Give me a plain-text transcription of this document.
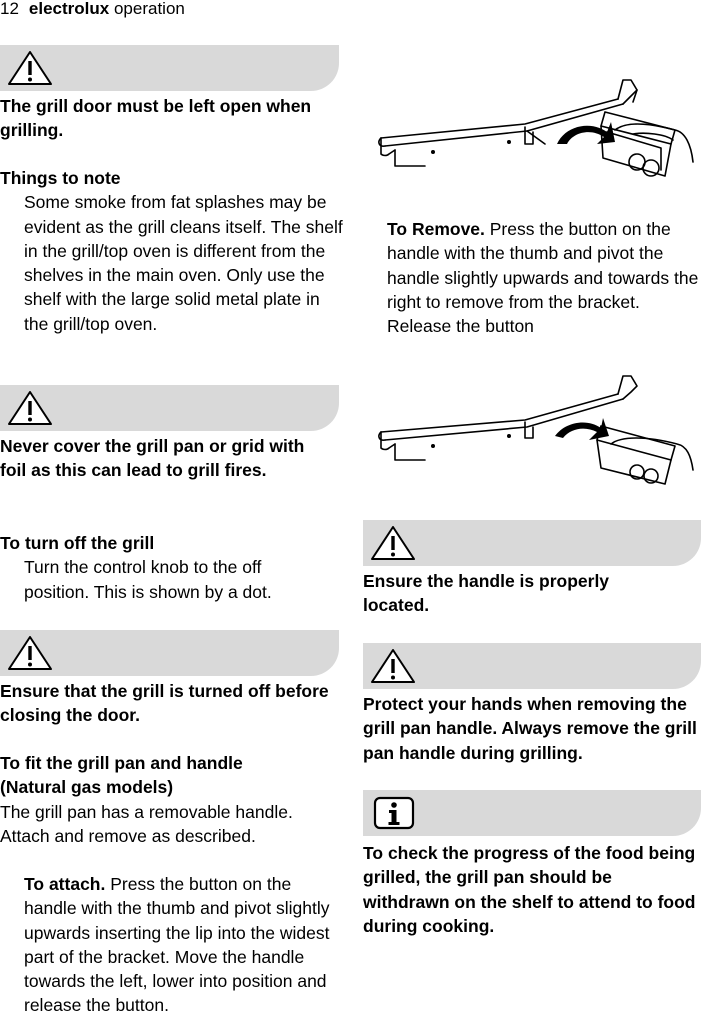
12 electrolux operation

The grill door must be left open when grilling.

Things to note

Some smoke from fat splashes may be evident as the grill cleans itself. The shelf in the grill/top oven is different from the shelves in the main oven. Only use the shelf with the large solid metal plate in the grill/top oven.

Never cover the grill pan or grid with foil as this can lead to grill fires.

To turn off the grill

Turn the control knob to the off position. This is shown by a dot.

Ensure that the grill is turned off before closing the door.

To fit the grill pan and handle (Natural gas models)

The grill pan has a removable handle. Attach and remove as described.

To attach. Press the button on the handle with the thumb and pivot slightly upwards inserting the lip into the widest part of the bracket. Move the handle towards the left, lower into position and release the button.

To Remove. Press the button on the handle with the thumb and pivot the handle slightly upwards and towards the right to remove from the bracket.

Release the button

Ensure the handle is properly located.

Protect your hands when removing the grill pan handle. Always remove the grill pan handle during grilling.

To check the progress of the food being grilled, the grill pan should be withdrawn on the shelf to attend to food during cooking.
